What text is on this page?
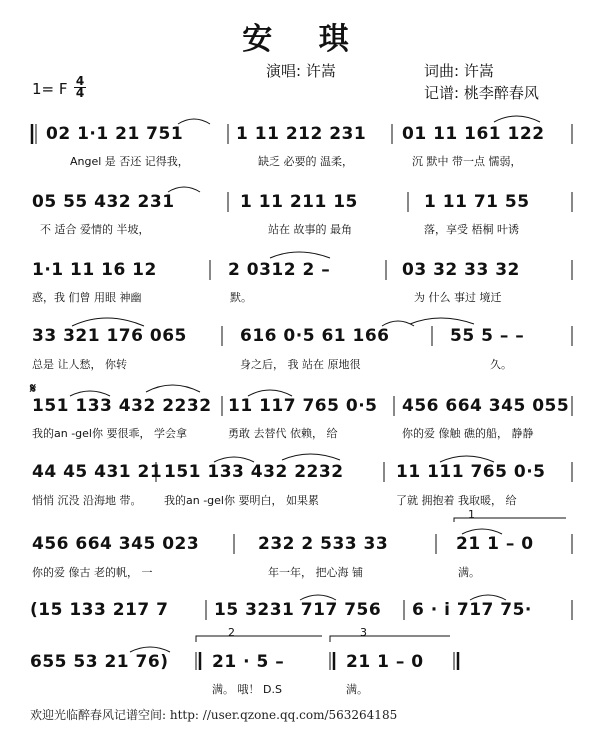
安 琪
演唱: 许嵩	词曲: 许嵩
记谱: 桃李醉春风
1= F 4
4
𝄋
1
2	3
02 1·1 21 751	1 11 212 231 01 11 161 122
Angel 是 否还 记得我，	缺乏 必要的 温柔，	沉 默中 带一点 懦弱，
05 55 432 231	1 11 211 15	1 11 71 55
不 适合 爱情的 半坡，	站在 故事的 最角	落，享受 梧桐 叶诱
1·1 11 16 12	2 0312 2 –	03 32 33 32
惑，我 们曾 用眼 神幽	默。	为 什么 事过 境迁
33 321 176 065	616 0·5 61 166	55 5 – –
总是 让人愁， 你转	身之后， 我 站在 原地很	久。
151 133 432 2232 11 117 765 0·5 456 664 345 055
我的an -gel你 要很乖， 学会拿	勇敢 去替代 依赖， 给	你的爱 像触 礁的船， 静静
44 45 431 21 151 133 432 2232	11 111 765 0·5
悄悄 沉没 沿海地 带。 我的an -gel你 要明白， 如果累	了就 拥抱着 我取暖， 给
456 664 345 023	232 2 533 33	21 1 – 0
你的爱 像古 老的帆， 一	年一年， 把心海 铺	满。
(15 133 217 7	15 3231 717 756 6 · i 717 75·
655 53 21 76)	21 · 5 –	21 1 – 0
满。 哦！ D.S	满。
欢迎光临醉春风记谱空间: http: //user.qzone.qq.com/563264185
